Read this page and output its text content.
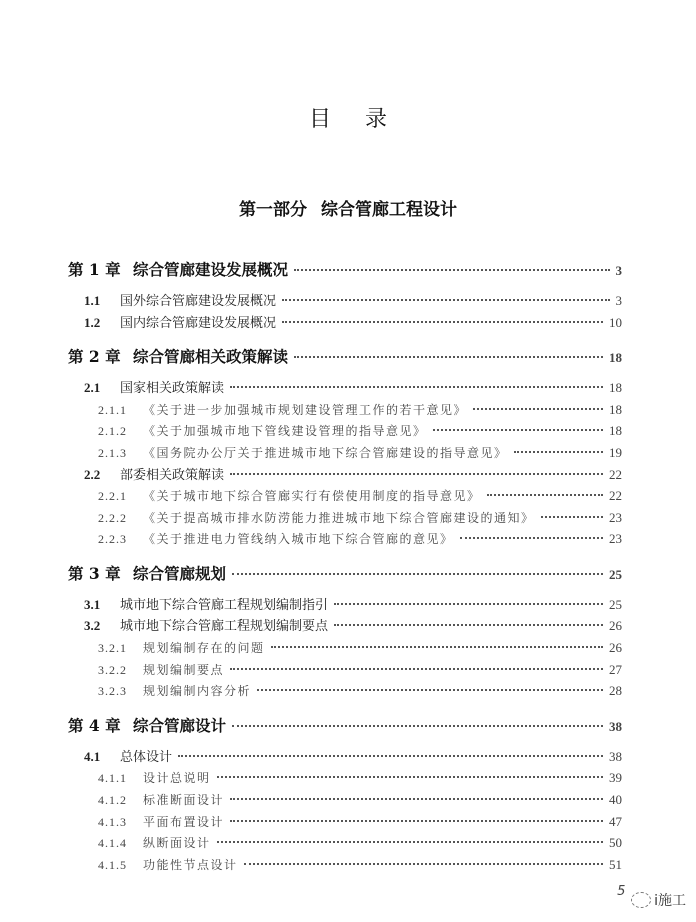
目录
第一部分 综合管廊工程设计
第 1 章 综合管廊建设发展概况	3
1.1	国外综合管廊建设发展概况	3
1.2	国内综合管廊建设发展概况	10
第 2 章 综合管廊相关政策解读	18
2.1	国家相关政策解读	18
2.1.1	《关于进一步加强城市规划建设管理工作的若干意见》	18
2.1.2	《关于加强城市地下管线建设管理的指导意见》	18
2.1.3	《国务院办公厅关于推进城市地下综合管廊建设的指导意见》	19
2.2	部委相关政策解读	22
2.2.1	《关于城市地下综合管廊实行有偿使用制度的指导意见》	22
2.2.2	《关于提高城市排水防涝能力推进城市地下综合管廊建设的通知》	23
2.2.3	《关于推进电力管线纳入城市地下综合管廊的意见》	23
第 3 章 综合管廊规划	25
3.1	城市地下综合管廊工程规划编制指引	25
3.2	城市地下综合管廊工程规划编制要点	26
3.2.1	规划编制存在的问题	26
3.2.2	规划编制要点	27
3.2.3	规划编制内容分析	28
第 4 章 综合管廊设计	38
4.1	总体设计	38
4.1.1	设计总说明	39
4.1.2	标准断面设计	40
4.1.3	平面布置设计	47
4.1.4	纵断面设计	50
4.1.5	功能性节点设计	51
5
i施工
